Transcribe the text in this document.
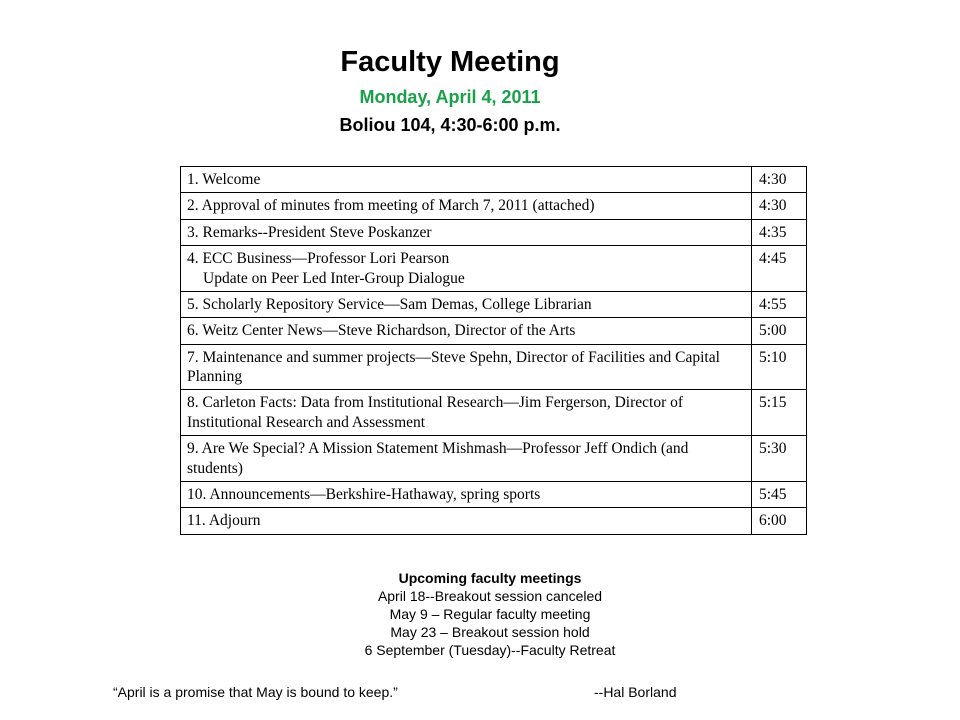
Faculty Meeting
Monday, April 4, 2011
Boliou 104, 4:30-6:00 p.m.
1. Welcome	4:30
2. Approval of minutes from meeting of March 7, 2011 (attached)	4:30
3. Remarks--President Steve Poskanzer	4:35
4. ECC Business—Professor Lori Pearson
Update on Peer Led Inter-Group Dialogue	4:45
5. Scholarly Repository Service—Sam Demas, College Librarian	4:55
6. Weitz Center News—Steve Richardson, Director of the Arts	5:00
7. Maintenance and summer projects—Steve Spehn, Director of Facilities and Capital Planning	5:10
8. Carleton Facts: Data from Institutional Research—Jim Fergerson, Director of Institutional Research and Assessment	5:15
9. Are We Special? A Mission Statement Mishmash—Professor Jeff Ondich (and students)	5:30
10. Announcements—Berkshire-Hathaway, spring sports	5:45
11. Adjourn	6:00
Upcoming faculty meetings
April 18--Breakout session canceled
May 9 – Regular faculty meeting
May 23 – Breakout session hold
6 September (Tuesday)--Faculty Retreat
“April is a promise that May is bound to keep.”	--Hal Borland
